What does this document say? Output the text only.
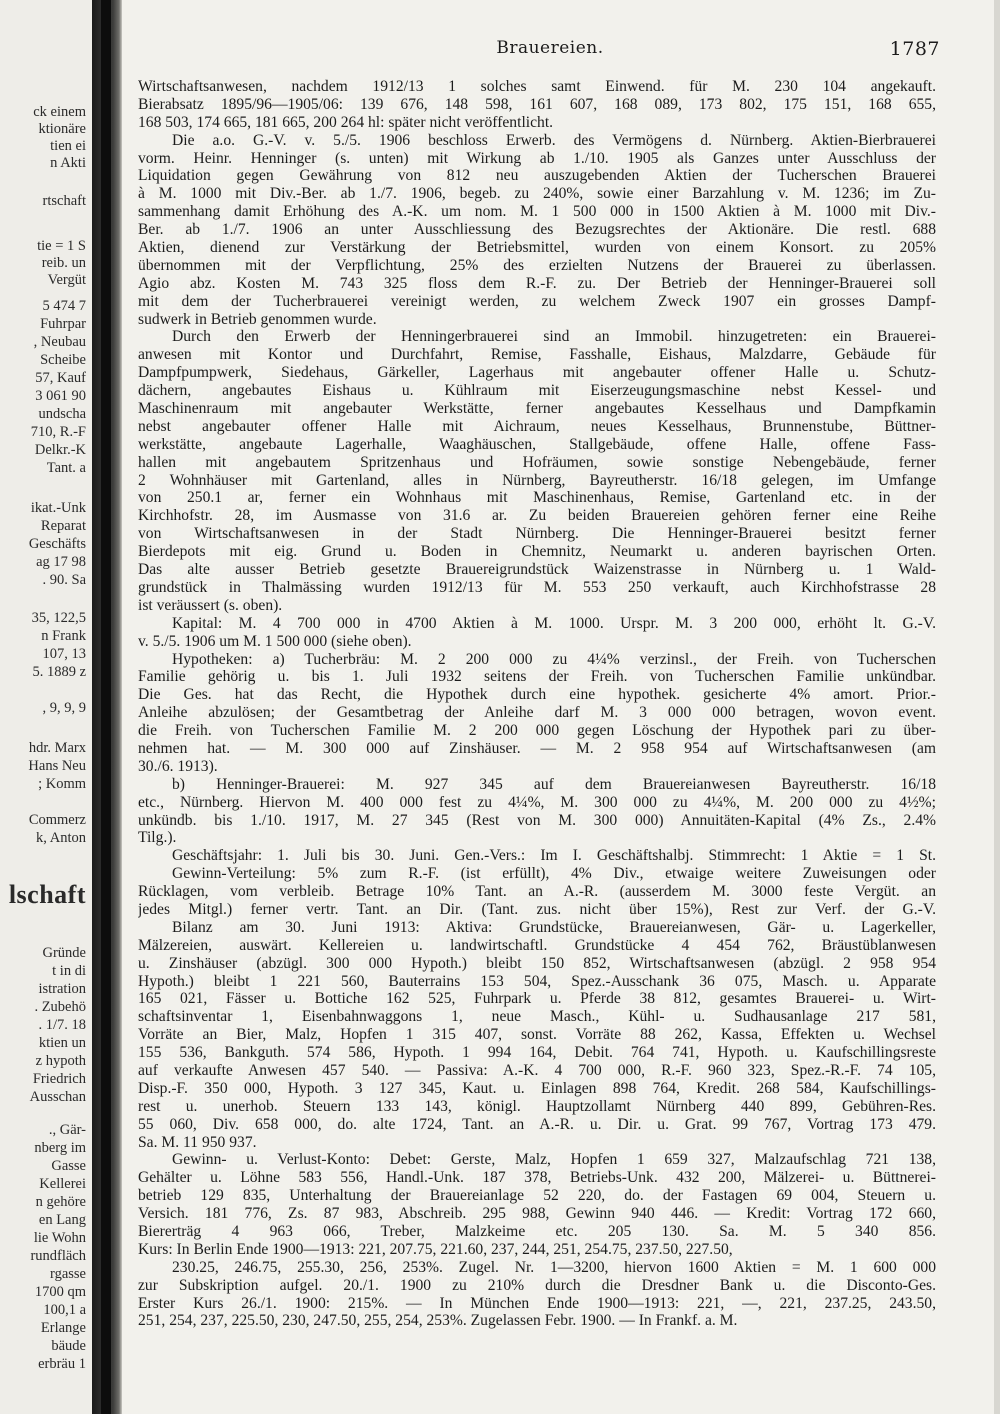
ck einem
ktionäre
tien ei
n Akti
rtschaft
tie = 1 S
reib. un
Vergüt
5 474 7
Fuhrpar
, Neubau
Scheibe
57, Kauf
3 061 90
undscha
710, R.-F
Delkr.-K
Tant. a
ikat.-Unk
Reparat
Geschäfts
ag 17 98
. 90. Sa
35, 122,5
n Frank
107, 13
5. 1889 z
, 9, 9, 9
hdr. Marx
Hans Neu
; Komm
Commerz
k, Anton
lschaft
Gründe
t in di
istration
. Zubehö
. 1/7. 18
ktien un
z hypoth
Friedrich
Ausschan
., Gär-
nberg im
Gasse
Kellerei
n gehöre
en Lang
lie Wohn
rundfläch
rgasse
1700 qm
100,1 a
Erlange
bäude
erbräu 1
Brauereien.	1787
Wirtschaftsanwesen, nachdem 1912/13 1 solches samt Einwend. für M. 230 104 angekauft.
Bierabsatz 1895/96—1905/06: 139 676, 148 598, 161 607, 168 089, 173 802, 175 151, 168 655,
168 503, 174 665, 181 665, 200 264 hl: später nicht veröffentlicht.
Die a.o. G.-V. v. 5./5. 1906 beschloss Erwerb. des Vermögens d. Nürnberg. Aktien-Bierbrauerei
vorm. Heinr. Henninger (s. unten) mit Wirkung ab 1./10. 1905 als Ganzes unter Ausschluss der
Liquidation gegen Gewährung von 812 neu auszugebenden Aktien der Tucherschen Brauerei
à M. 1000 mit Div.-Ber. ab 1./7. 1906, begeb. zu 240%, sowie einer Barzahlung v. M. 1236; im Zu-
sammenhang damit Erhöhung des A.-K. um nom. M. 1 500 000 in 1500 Aktien à M. 1000 mit Div.-
Ber. ab 1./7. 1906 an unter Ausschliessung des Bezugsrechtes der Aktionäre. Die restl. 688
Aktien, dienend zur Verstärkung der Betriebsmittel, wurden von einem Konsort. zu 205%
übernommen mit der Verpflichtung, 25% des erzielten Nutzens der Brauerei zu überlassen.
Agio abz. Kosten M. 743 325 floss dem R.-F. zu. Der Betrieb der Henninger-Brauerei soll
mit dem der Tucherbrauerei vereinigt werden, zu welchem Zweck 1907 ein grosses Dampf-
sudwerk in Betrieb genommen wurde.
Durch den Erwerb der Henningerbrauerei sind an Immobil. hinzugetreten: ein Brauerei-
anwesen mit Kontor und Durchfahrt, Remise, Fasshalle, Eishaus, Malzdarre, Gebäude für
Dampfpumpwerk, Siedehaus, Gärkeller, Lagerhaus mit angebauter offener Halle u. Schutz-
dächern, angebautes Eishaus u. Kühlraum mit Eiserzeugungsmaschine nebst Kessel- und
Maschinenraum mit angebauter Werkstätte, ferner angebautes Kesselhaus und Dampfkamin
nebst angebauter offener Halle mit Aichraum, neues Kesselhaus, Brunnenstube, Büttner-
werkstätte, angebaute Lagerhalle, Waaghäuschen, Stallgebäude, offene Halle, offene Fass-
hallen mit angebautem Spritzenhaus und Hofräumen, sowie sonstige Nebengebäude, ferner
2 Wohnhäuser mit Gartenland, alles in Nürnberg, Bayreutherstr. 16/18 gelegen, im Umfange
von 250.1 ar, ferner ein Wohnhaus mit Maschinenhaus, Remise, Gartenland etc. in der
Kirchhofstr. 28, im Ausmasse von 31.6 ar. Zu beiden Brauereien gehören ferner eine Reihe
von Wirtschaftsanwesen in der Stadt Nürnberg. Die Henninger-Brauerei besitzt ferner
Bierdepots mit eig. Grund u. Boden in Chemnitz, Neumarkt u. anderen bayrischen Orten.
Das alte ausser Betrieb gesetzte Brauereigrundstück Waizenstrasse in Nürnberg u. 1 Wald-
grundstück in Thalmässing wurden 1912/13 für M. 553 250 verkauft, auch Kirchhofstrasse 28
ist veräussert (s. oben).
Kapital: M. 4 700 000 in 4700 Aktien à M. 1000. Urspr. M. 3 200 000, erhöht lt. G.-V.
v. 5./5. 1906 um M. 1 500 000 (siehe oben).
Hypotheken: a) Tucherbräu: M. 2 200 000 zu 4¼% verzinsl., der Freih. von Tucherschen
Familie gehörig u. bis 1. Juli 1932 seitens der Freih. von Tucherschen Familie unkündbar.
Die Ges. hat das Recht, die Hypothek durch eine hypothek. gesicherte 4% amort. Prior.-
Anleihe abzulösen; der Gesamtbetrag der Anleihe darf M. 3 000 000 betragen, wovon event.
die Freih. von Tucherschen Familie M. 2 200 000 gegen Löschung der Hypothek pari zu über-
nehmen hat. — M. 300 000 auf Zinshäuser. — M. 2 958 954 auf Wirtschaftsanwesen (am
30./6. 1913).
b) Henninger-Brauerei: M. 927 345 auf dem Brauereianwesen Bayreutherstr. 16/18
etc., Nürnberg. Hiervon M. 400 000 fest zu 4¼%, M. 300 000 zu 4¼%, M. 200 000 zu 4½%;
unkündb. bis 1./10. 1917, M. 27 345 (Rest von M. 300 000) Annuitäten-Kapital (4% Zs., 2.4%
Tilg.).
Geschäftsjahr: 1. Juli bis 30. Juni. Gen.-Vers.: Im I. Geschäftshalbj. Stimmrecht: 1 Aktie = 1 St.
Gewinn-Verteilung: 5% zum R.-F. (ist erfüllt), 4% Div., etwaige weitere Zuweisungen oder
Rücklagen, vom verbleib. Betrage 10% Tant. an A.-R. (ausserdem M. 3000 feste Vergüt. an
jedes Mitgl.) ferner vertr. Tant. an Dir. (Tant. zus. nicht über 15%), Rest zur Verf. der G.-V.
Bilanz am 30. Juni 1913: Aktiva: Grundstücke, Brauereianwesen, Gär- u. Lagerkeller,
Mälzereien, auswärt. Kellereien u. landwirtschaftl. Grundstücke 4 454 762, Bräustüblanwesen
u. Zinshäuser (abzügl. 300 000 Hypoth.) bleibt 150 852, Wirtschaftsanwesen (abzügl. 2 958 954
Hypoth.) bleibt 1 221 560, Bauterrains 153 504, Spez.-Ausschank 36 075, Masch. u. Apparate
165 021, Fässer u. Bottiche 162 525, Fuhrpark u. Pferde 38 812, gesamtes Brauerei- u. Wirt-
schaftsinventar 1, Eisenbahnwaggons 1, neue Masch., Kühl- u. Sudhausanlage 217 581,
Vorräte an Bier, Malz, Hopfen 1 315 407, sonst. Vorräte 88 262, Kassa, Effekten u. Wechsel
155 536, Bankguth. 574 586, Hypoth. 1 994 164, Debit. 764 741, Hypoth. u. Kaufschillingsreste
auf verkaufte Anwesen 457 540. — Passiva: A.-K. 4 700 000, R.-F. 960 323, Spez.-R.-F. 74 105,
Disp.-F. 350 000, Hypoth. 3 127 345, Kaut. u. Einlagen 898 764, Kredit. 268 584, Kaufschillings-
rest u. unerhob. Steuern 133 143, königl. Hauptzollamt Nürnberg 440 899, Gebühren-Res.
55 060, Div. 658 000, do. alte 1724, Tant. an A.-R. u. Dir. u. Grat. 99 767, Vortrag 173 479.
Sa. M. 11 950 937.
Gewinn- u. Verlust-Konto: Debet: Gerste, Malz, Hopfen 1 659 327, Malzaufschlag 721 138,
Gehälter u. Löhne 583 556, Handl.-Unk. 187 378, Betriebs-Unk. 432 200, Mälzerei- u. Büttnerei-
betrieb 129 835, Unterhaltung der Brauereianlage 52 220, do. der Fastagen 69 004, Steuern u.
Versich. 181 776, Zs. 87 983, Abschreib. 295 988, Gewinn 940 446. — Kredit: Vortrag 172 660,
Biererträg 4 963 066, Treber, Malzkeime etc. 205 130. Sa. M. 5 340 856.
Kurs: In Berlin Ende 1900—1913: 221, 207.75, 221.60, 237, 244, 251, 254.75, 237.50, 227.50,
230.25, 246.75, 255.30, 256, 253%. Zugel. Nr. 1—3200, hiervon 1600 Aktien = M. 1 600 000
zur Subskription aufgel. 20./1. 1900 zu 210% durch die Dresdner Bank u. die Disconto-Ges.
Erster Kurs 26./1. 1900: 215%. — In München Ende 1900—1913: 221, —, 221, 237.25, 243.50,
251, 254, 237, 225.50, 230, 247.50, 255, 254, 253%. Zugelassen Febr. 1900. — In Frankf. a. M.
